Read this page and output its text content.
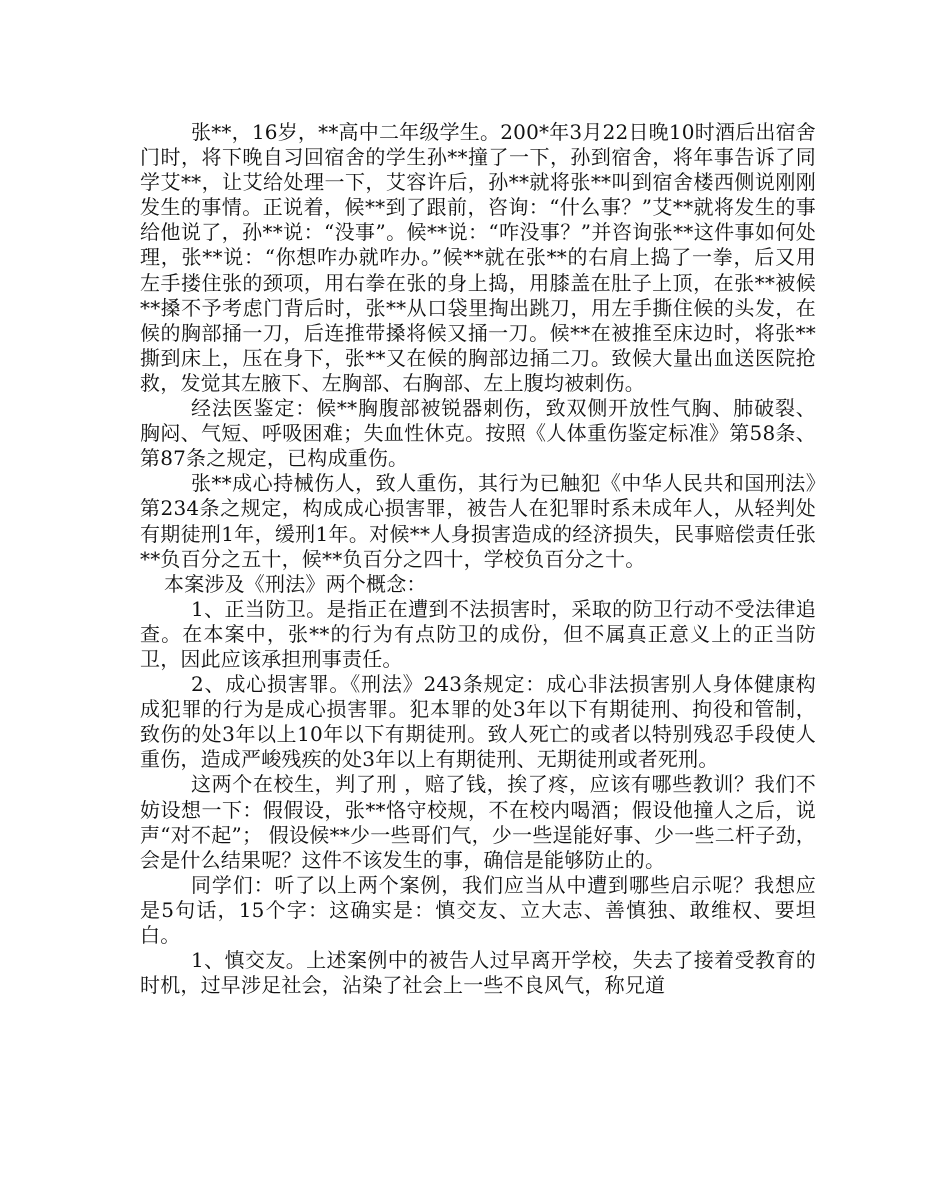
张**，16岁，**高中二年级学生。200*年3月22日晚10时酒后出宿舍门时，将下晚自习回宿舍的学生孙**撞了一下，孙到宿舍，将年事告诉了同学艾**，让艾给处理一下，艾容许后，孙**就将张**叫到宿舍楼西侧说刚刚发生的事情。正说着，候**到了跟前，咨询：“什么事？”艾**就将发生的事给他说了，孙**说：“没事”。候**说：“咋没事？”并咨询张**这件事如何处理，张**说：“你想咋办就咋办。”候**就在张**的右肩上捣了一拳，后又用左手搂住张的颈项，用右拳在张的身上捣，用膝盖在肚子上顶，在张**被候**搡不予考虑门背后时，张**从口袋里掏出跳刀，用左手撕住候的头发，在候的胸部捅一刀，后连推带搡将候又捅一刀。候**在被推至床边时，将张**撕到床上，压在身下，张**又在候的胸部边捅二刀。致候大量出血送医院抢救，发觉其左腋下、左胸部、右胸部、左上腹均被刺伤。

经法医鉴定：候**胸腹部被锐器刺伤，致双侧开放性气胸、肺破裂、胸闷、气短、呼吸困难；失血性休克。按照《人体重伤鉴定标准》第58条、第87条之规定，已构成重伤。

张**成心持械伤人，致人重伤，其行为已触犯《中华人民共和国刑法》第234条之规定，构成成心损害罪，被告人在犯罪时系未成年人，从轻判处有期徒刑1年，缓刑1年。对候**人身损害造成的经济损失，民事赔偿责任张**负百分之五十，候**负百分之四十，学校负百分之十。

本案涉及《刑法》两个概念：

1、正当防卫。是指正在遭到不法损害时，采取的防卫行动不受法律追查。在本案中，张**的行为有点防卫的成份，但不属真正意义上的正当防卫，因此应该承担刑事责任。

2、成心损害罪。《刑法》243条规定：成心非法损害别人身体健康构成犯罪的行为是成心损害罪。犯本罪的处3年以下有期徒刑、拘役和管制，致伤的处3年以上10年以下有期徒刑。致人死亡的或者以特别残忍手段使人重伤，造成严峻残疾的处3年以上有期徒刑、无期徒刑或者死刑。

这两个在校生，判了刑 ，赔了钱，挨了疼，应该有哪些教训？我们不妨设想一下：假假设，张**恪守校规，不在校内喝酒；假设他撞人之后，说声“对不起”； 假设候**少一些哥们气，少一些逞能好事、少一些二杆子劲，会是什么结果呢？这件不该发生的事，确信是能够防止的。

同学们：听了以上两个案例，我们应当从中遭到哪些启示呢？我想应是5句话，15个字：这确实是：慎交友、立大志、善慎独、敢维权、要坦白。

1、慎交友。上述案例中的被告人过早离开学校，失去了接着受教育的时机，过早涉足社会，沾染了社会上一些不良风气，称兄道
